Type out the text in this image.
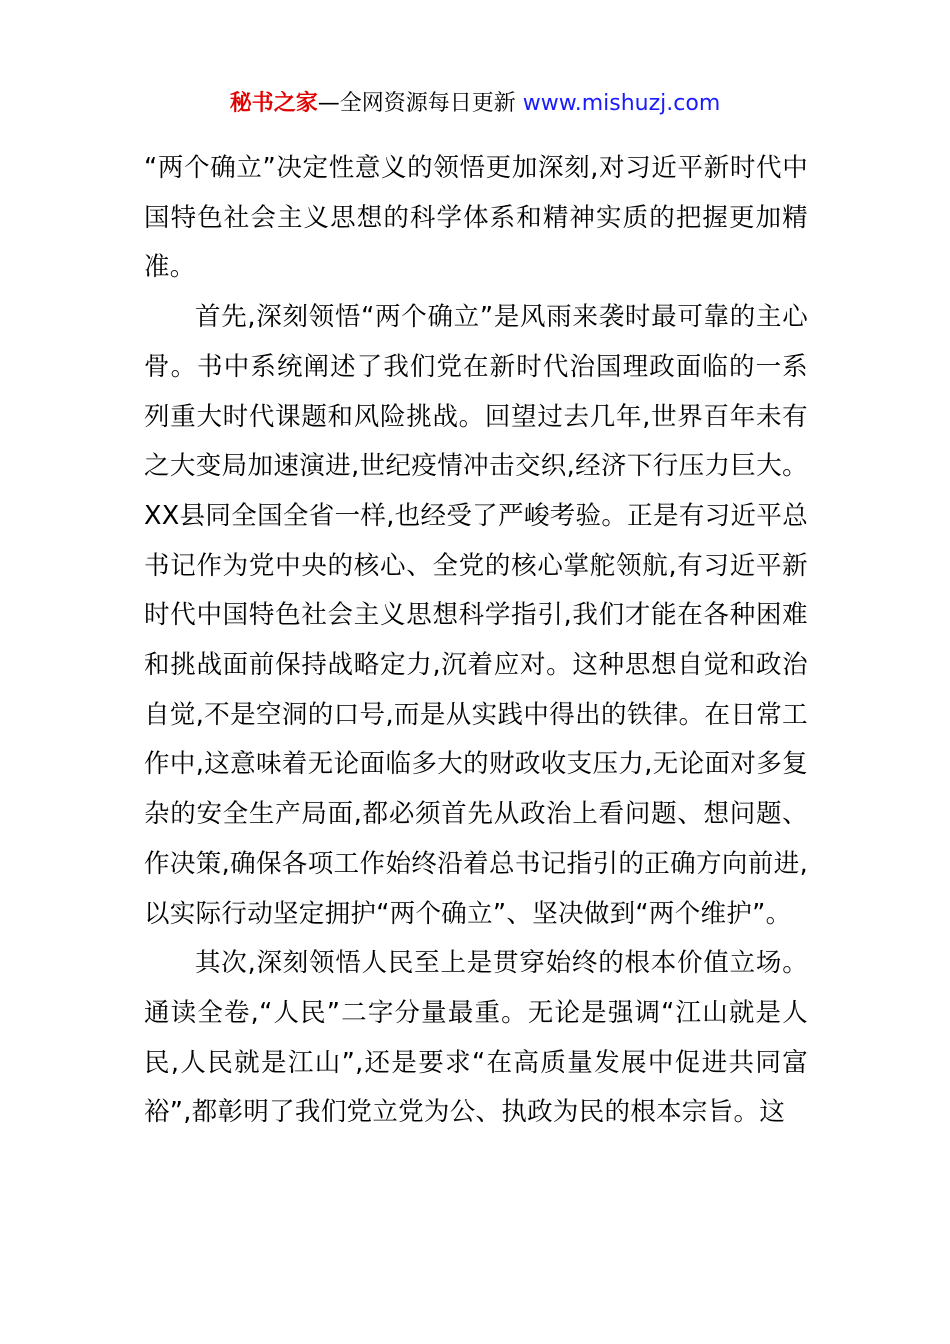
秘书之家—全网资源每日更新 www.mishuzj.com

“两个确立”决定性意义的领悟更加深刻,对习近平新时代中国特色社会主义思想的科学体系和精神实质的把握更加精准。

首先,深刻领悟“两个确立”是风雨来袭时最可靠的主心骨。书中系统阐述了我们党在新时代治国理政面临的一系列重大时代课题和风险挑战。回望过去几年,世界百年未有之大变局加速演进,世纪疫情冲击交织,经济下行压力巨大。XX县同全国全省一样,也经受了严峻考验。正是有习近平总书记作为党中央的核心、全党的核心掌舵领航,有习近平新时代中国特色社会主义思想科学指引,我们才能在各种困难和挑战面前保持战略定力,沉着应对。这种思想自觉和政治自觉,不是空洞的口号,而是从实践中得出的铁律。在日常工作中,这意味着无论面临多大的财政收支压力,无论面对多复杂的安全生产局面,都必须首先从政治上看问题、想问题、作决策,确保各项工作始终沿着总书记指引的正确方向前进,以实际行动坚定拥护“两个确立”、坚决做到“两个维护”。

其次,深刻领悟人民至上是贯穿始终的根本价值立场。通读全卷,“人民”二字分量最重。无论是强调“江山就是人民,人民就是江山”,还是要求“在高质量发展中促进共同富裕”,都彰明了我们党立党为公、执政为民的根本宗旨。这
